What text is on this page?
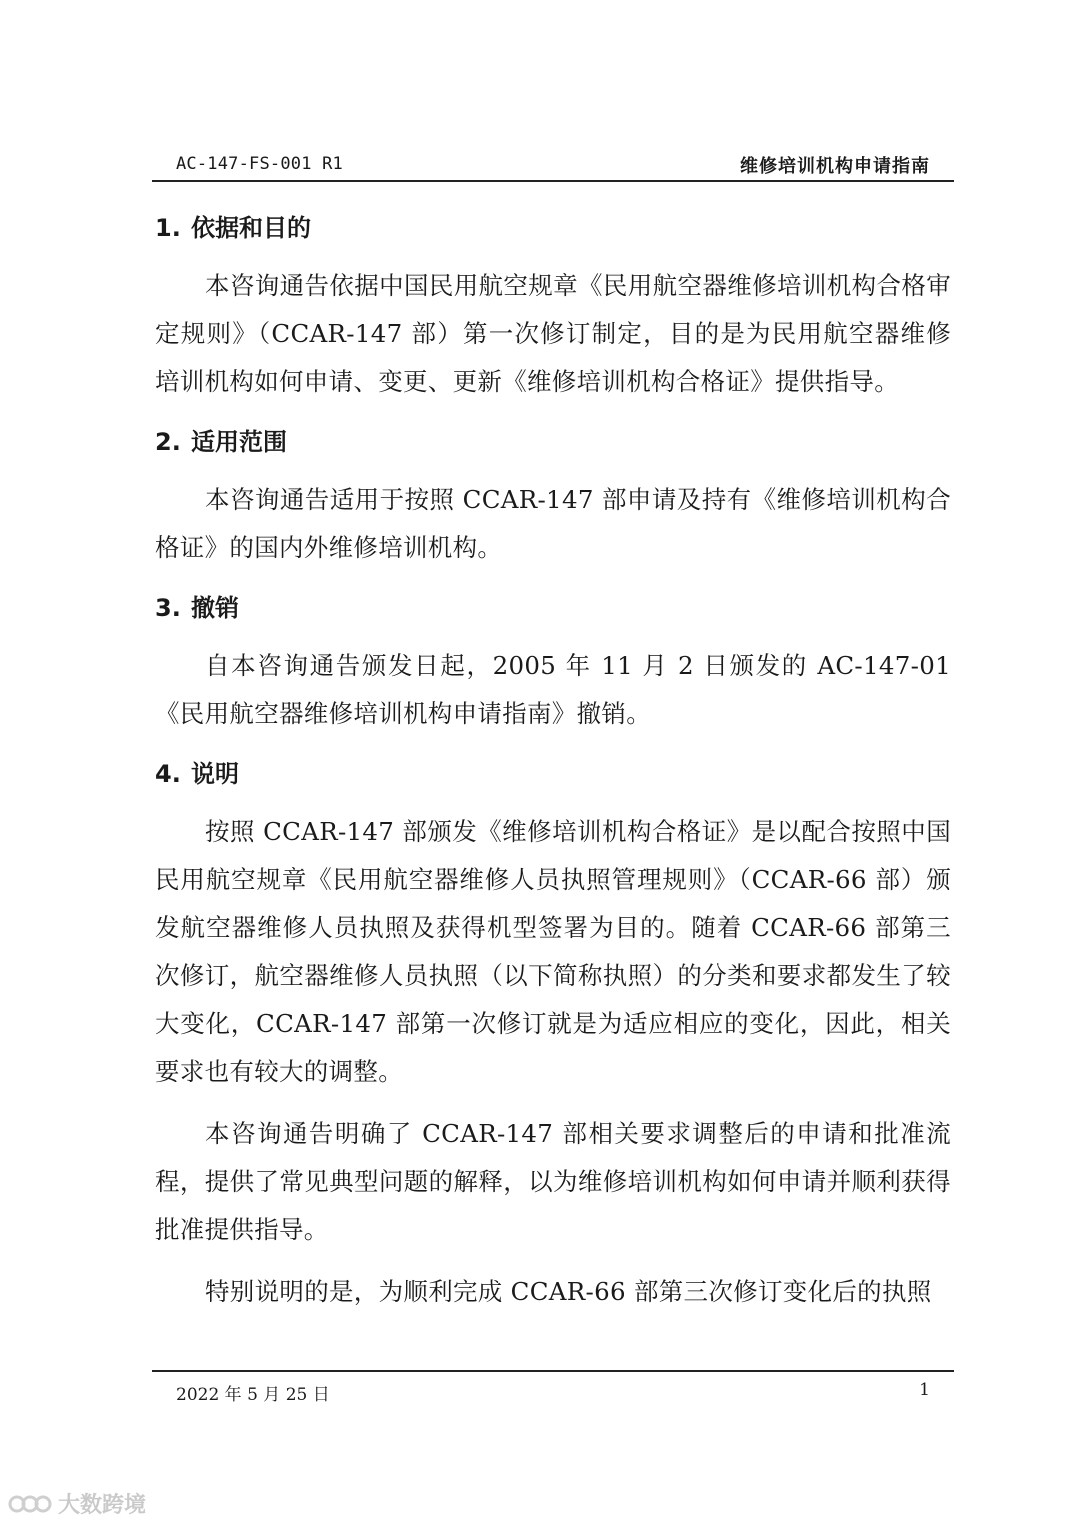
AC-147-FS-001 R1	维修培训机构申请指南
1. 依据和目的

本咨询通告依据中国民用航空规章《民用航空器维修培训机构合格审定规则》（CCAR-147 部）第一次修订制定，目的是为民用航空器维修培训机构如何申请、变更、更新《维修培训机构合格证》提供指导。

2. 适用范围

本咨询通告适用于按照 CCAR-147 部申请及持有《维修培训机构合格证》的国内外维修培训机构。

3. 撤销

自本咨询通告颁发日起，2005 年 11 月 2 日颁发的 AC-147-01《民用航空器维修培训机构申请指南》撤销。

4. 说明

按照 CCAR-147 部颁发《维修培训机构合格证》是以配合按照中国民用航空规章《民用航空器维修人员执照管理规则》（CCAR-66 部）颁发航空器维修人员执照及获得机型签署为目的。随着 CCAR-66 部第三次修订，航空器维修人员执照（以下简称执照）的分类和要求都发生了较大变化，CCAR-147 部第一次修订就是为适应相应的变化，因此，相关要求也有较大的调整。

本咨询通告明确了 CCAR-147 部相关要求调整后的申请和批准流程，提供了常见典型问题的解释，以为维修培训机构如何申请并顺利获得批准提供指导。

特别说明的是，为顺利完成 CCAR-66 部第三次修订变化后的执照

2022 年 5 月 25 日	1
大数跨境
